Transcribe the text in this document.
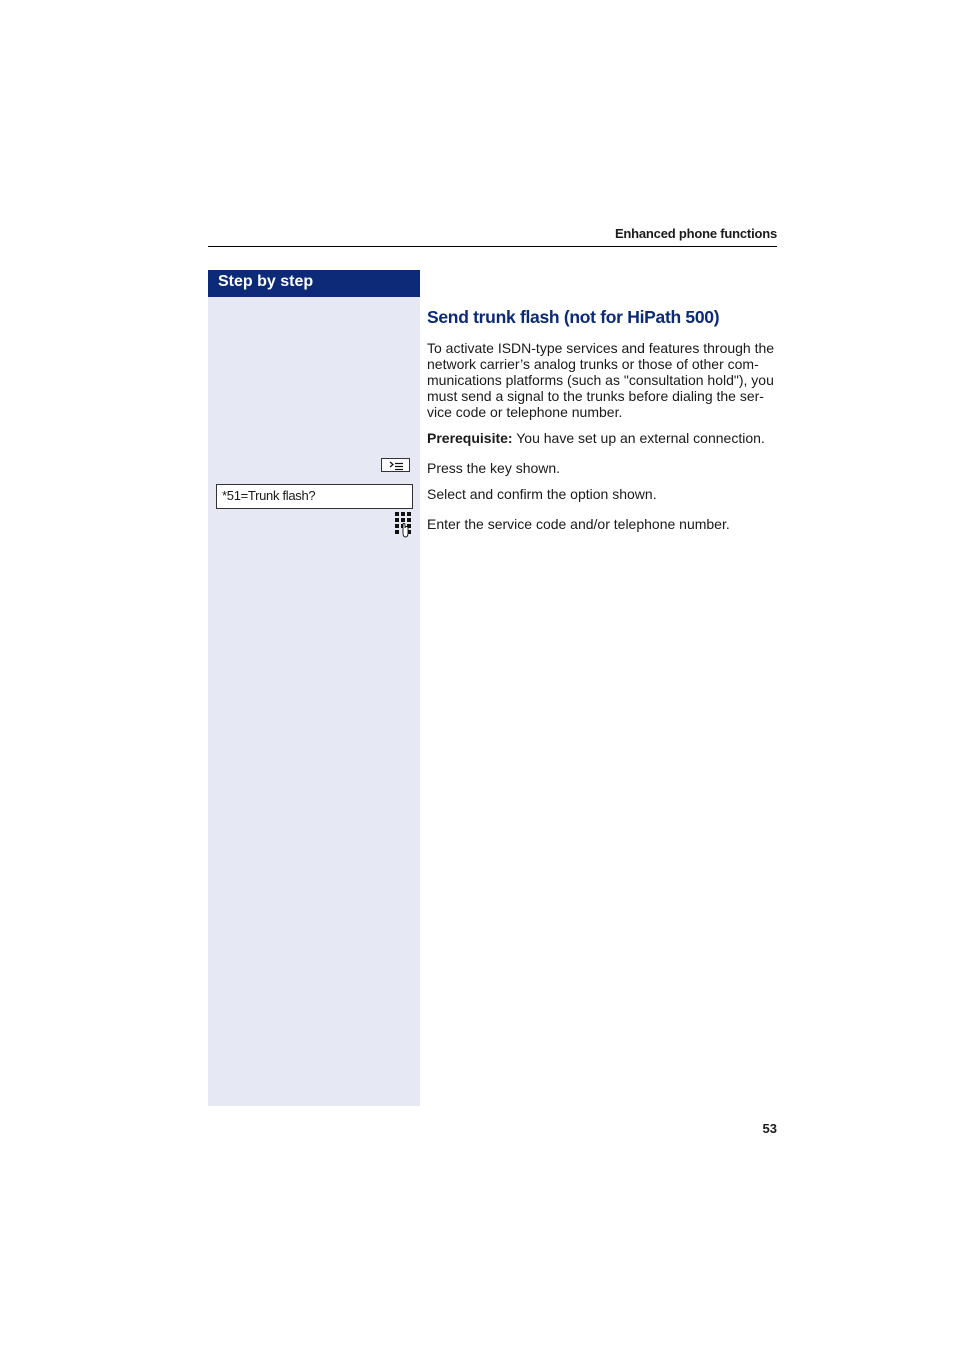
Enhanced phone functions
Step by step
Send trunk flash (not for HiPath 500)

To activate ISDN-type services and features through the
network carrier’s analog trunks or those of other com-
munications platforms (such as "consultation hold"), you
must send a signal to the trunks before dialing the ser-
vice code or telephone number.

Prerequisite: You have set up an external connection.

Press the key shown.

*51=Trunk flash?	Select and confirm the option shown.

Enter the service code and/or telephone number.

53
